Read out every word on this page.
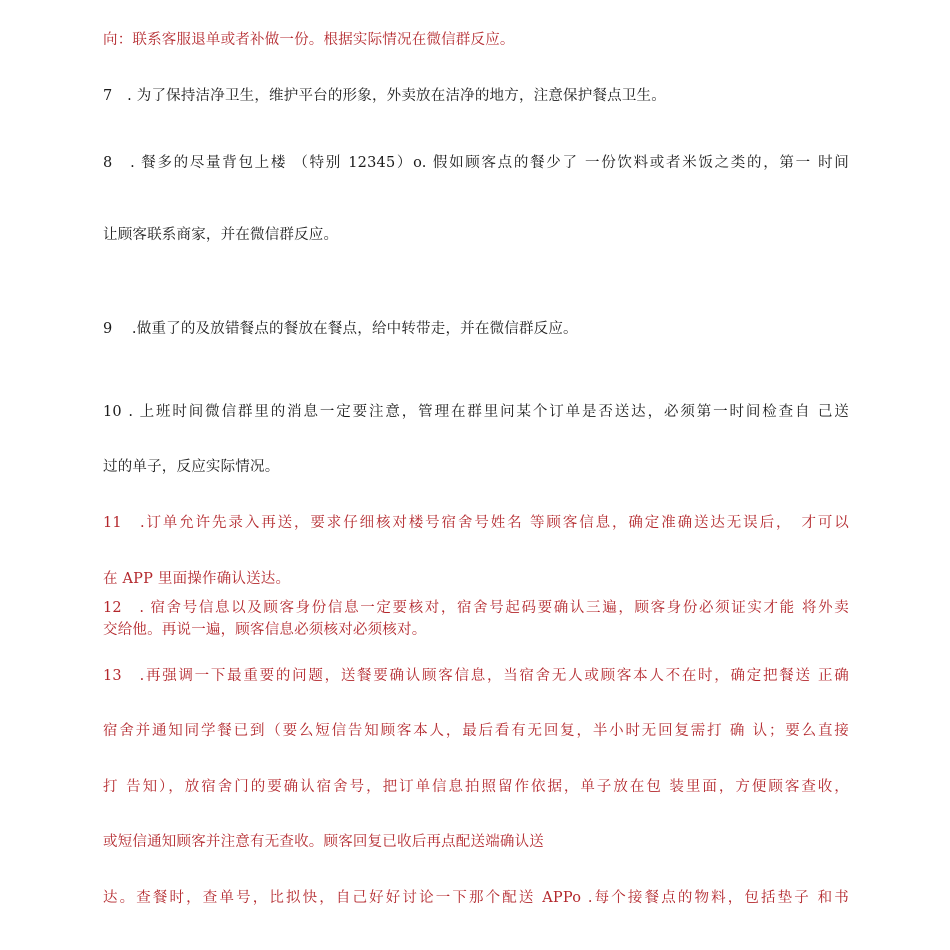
向：联系客服退单或者补做一份。根据实际情况在微信群反应。
7　. 为了保持洁净卫生，维护平台的形象，外卖放在洁净的地方，注意保护餐点卫生。
8　. 餐多的尽量背包上楼 （特别 12345）o. 假如顾客点的餐少了 一份饮料或者米饭之类的，第一 时间
让顾客联系商家，并在微信群反应。
9　 .做重了的及放错餐点的餐放在餐点，给中转带走，并在微信群反应。
10 . 上班时间微信群里的消息一定要注意，管理在群里问某个订单是否送达，必须第一时间检查自 己送
过的单子，反应实际情况。
11　.订单允许先录入再送，要求仔细核对楼号宿舍号姓名 等顾客信息，确定准确送达无误后，　才可以
在 APP 里面操作确认送达。
12　. 宿舍号信息以及顾客身份信息一定要核对，宿舍号起码要确认三遍，顾客身份必须证实才能 将外卖
交给他。再说一遍，顾客信息必须核对必须核对。
13　.再强调一下最重要的问题，送餐要确认顾客信息，当宿舍无人或顾客本人不在时，确定把餐送 正确
宿舍并通知同学餐已到（要么短信告知顾客本人，最后看有无回复，半小时无回复需打 确 认；要么直接
打 告知），放宿舍门的要确认宿舍号，把订单信息拍照留作依据，单子放在包 装里面，方便顾客查收，
或短信通知顾客并注意有无查收。顾客回复已收后再点配送端确认送
达。查餐时，查单号，比拟快，自己好好讨论一下那个配送 APPo .每个接餐点的物料，包括垫子 和书
